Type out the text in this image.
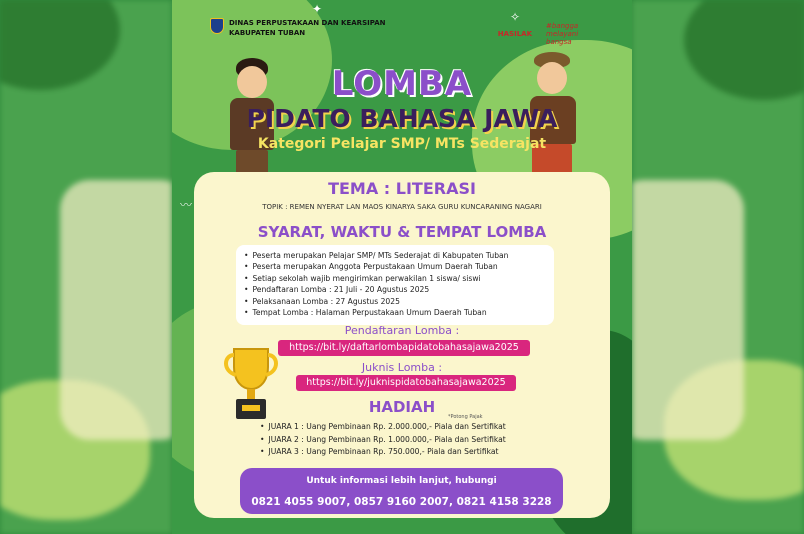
✦
✧
〰
DINAS PERPUSTAKAAN DAN KEARSIPAN
KABUPATEN TUBAN	HASILAK
#bangga melayani bangsa
LOMBA
PIDATO BAHASA JAWA
Kategori Pelajar SMP/ MTs Sederajat
TEMA : LITERASI
TOPIK : REMEN NYERAT LAN MAOS KINARYA SAKA GURU KUNCARANING NAGARI
SYARAT, WAKTU & TEMPAT LOMBA
• Peserta merupakan Pelajar SMP/ MTs Sederajat di Kabupaten Tuban
• Peserta merupakan Anggota Perpustakaan Umum Daerah Tuban
• Setiap sekolah wajib mengirimkan perwakilan 1 siswa/ siswi
• Pendaftaran Lomba : 21 Juli - 20 Agustus 2025
• Pelaksanaan Lomba : 27 Agustus 2025
• Tempat Lomba : Halaman Perpustakaan Umum Daerah Tuban
Pendaftaran Lomba :
https://bit.ly/daftarlombapidatobahasajawa2025
Juknis Lomba :
https://bit.ly/juknispidatobahasajawa2025
HADIAH
*Potong Pajak
• JUARA 1 : Uang Pembinaan Rp. 2.000.000,- Piala dan Sertifikat
• JUARA 2 : Uang Pembinaan Rp. 1.000.000,- Piala dan Sertifikat
• JUARA 3 : Uang Pembinaan Rp. 750.000,- Piala dan Sertifikat
Untuk informasi lebih lanjut, hubungi
0821 4055 9007, 0857 9160 2007, 0821 4158 3228
